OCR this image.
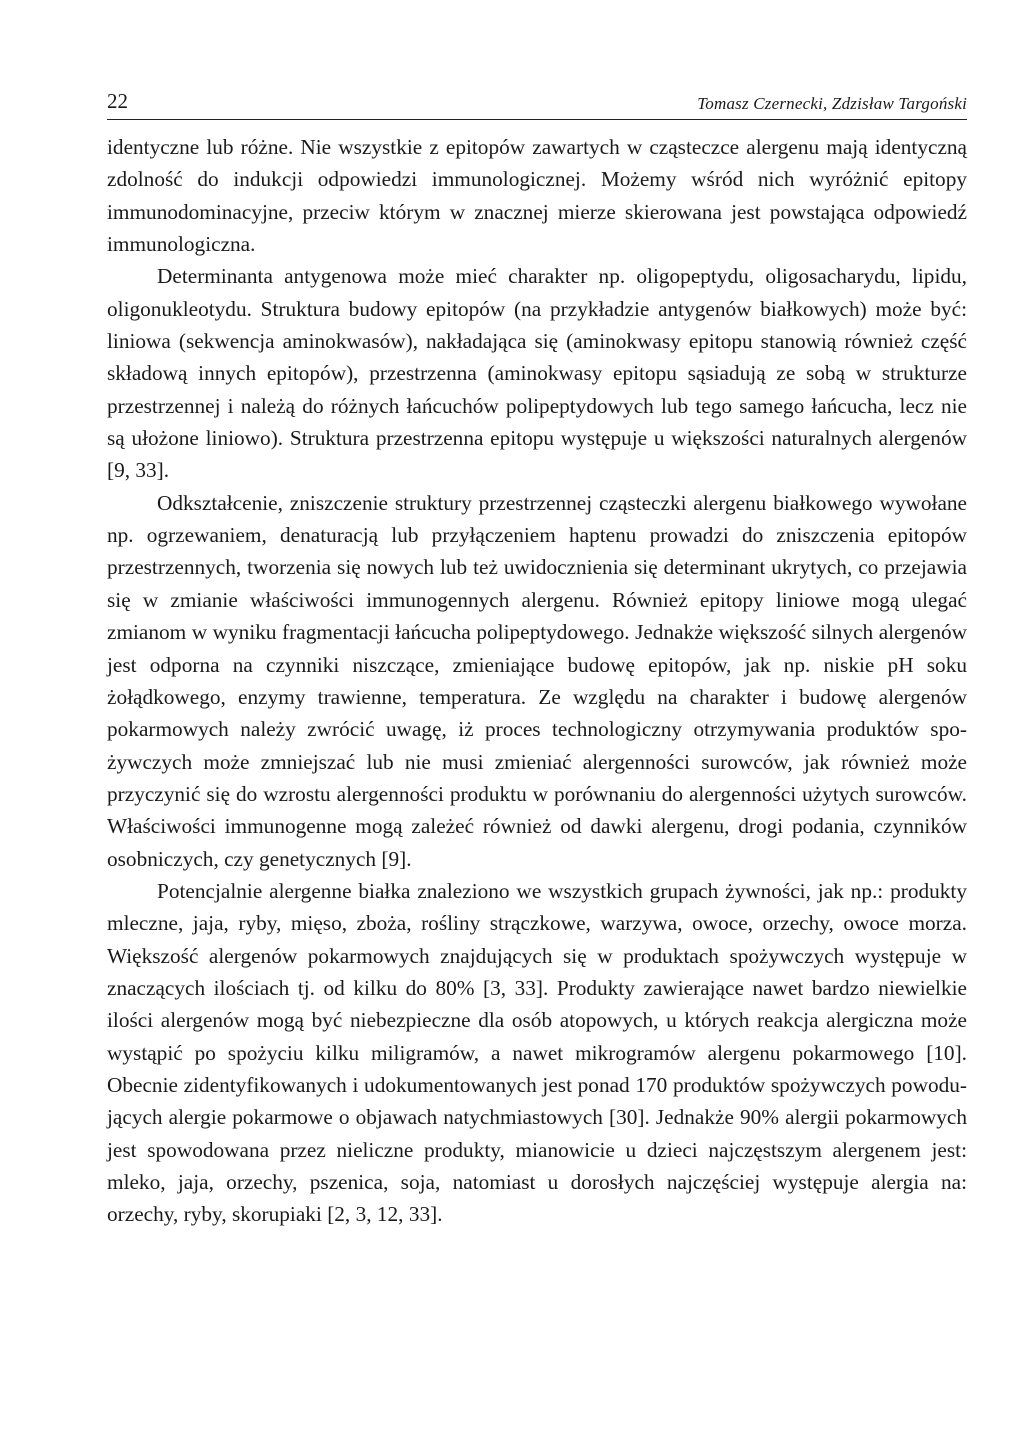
22	Tomasz Czernecki, Zdzisław Targoński

identyczne lub różne. Nie wszystkie z epitopów zawartych w cząsteczce alergenu mają identyczną zdolność do indukcji odpowiedzi immunologicznej. Możemy wśród nich wyróżnić epitopy immunodominacyjne, przeciw którym w znacznej mierze skierowana jest powstająca odpowiedź immunologiczna.

Determinanta antygenowa może mieć charakter np. oligopeptydu, oligosacharydu, lipidu, oligonukleotydu. Struktura budowy epitopów (na przykładzie antygenów białkowych) może być: liniowa (sekwencja aminokwasów), nakładająca się (aminokwasy epitopu stanowią również część składową innych epitopów), przestrzenna (aminokwasy epitopu sąsiadują ze sobą w strukturze przestrzennej i należą do różnych łańcuchów polipeptydowych lub tego samego łańcucha, lecz nie są ułożone liniowo). Struktura przestrzenna epitopu występuje u większości naturalnych alergenów [9, 33].

Odkształcenie, zniszczenie struktury przestrzennej cząsteczki alergenu białkowego wywołane np. ogrzewaniem, denaturacją lub przyłączeniem haptenu prowadzi do zniszczenia epitopów przestrzennych, tworzenia się nowych lub też uwidocznienia się determinant ukrytych, co przejawia się w zmianie właściwości immunogennych alergenu. Również epitopy liniowe mogą ulegać zmianom w wyniku fragmentacji łańcucha polipeptydowego. Jednakże większość silnych alergenów jest odporna na czynniki niszczące, zmieniające budowę epitopów, jak np. niskie pH soku żołądkowego, enzymy trawienne, temperatura. Ze względu na charakter i budowę alergenów pokarmowych należy zwrócić uwagę, iż proces technologiczny otrzymywania produktów spożywczych może zmniejszać lub nie musi zmieniać alergenności surowców, jak również może przyczynić się do wzrostu alergenności produktu w porównaniu do alergenności użytych surowców. Właściwości immunogenne mogą zależeć również od dawki alergenu, drogi podania, czynników osobniczych, czy genetycznych [9].

Potencjalnie alergenne białka znaleziono we wszystkich grupach żywności, jak np.: produkty mleczne, jaja, ryby, mięso, zboża, rośliny strączkowe, warzywa, owoce, orzechy, owoce morza. Większość alergenów pokarmowych znajdujących się w produktach spożywczych występuje w znaczących ilościach tj. od kilku do 80% [3, 33]. Produkty zawierające nawet bardzo niewielkie ilości alergenów mogą być niebezpieczne dla osób atopowych, u których reakcja alergiczna może wystąpić po spożyciu kilku miligramów, a nawet mikrogramów alergenu pokarmowego [10]. Obecnie zidentyfikowanych i udokumentowanych jest ponad 170 produktów spożywczych powodujących alergie pokarmowe o objawach natychmiastowych [30]. Jednakże 90% alergii pokarmowych jest spowodowana przez nieliczne produkty, mianowicie u dzieci najczęstszym alergenem jest: mleko, jaja, orzechy, pszenica, soja, natomiast u dorosłych najczęściej występuje alergia na: orzechy, ryby, skorupiaki [2, 3, 12, 33].
